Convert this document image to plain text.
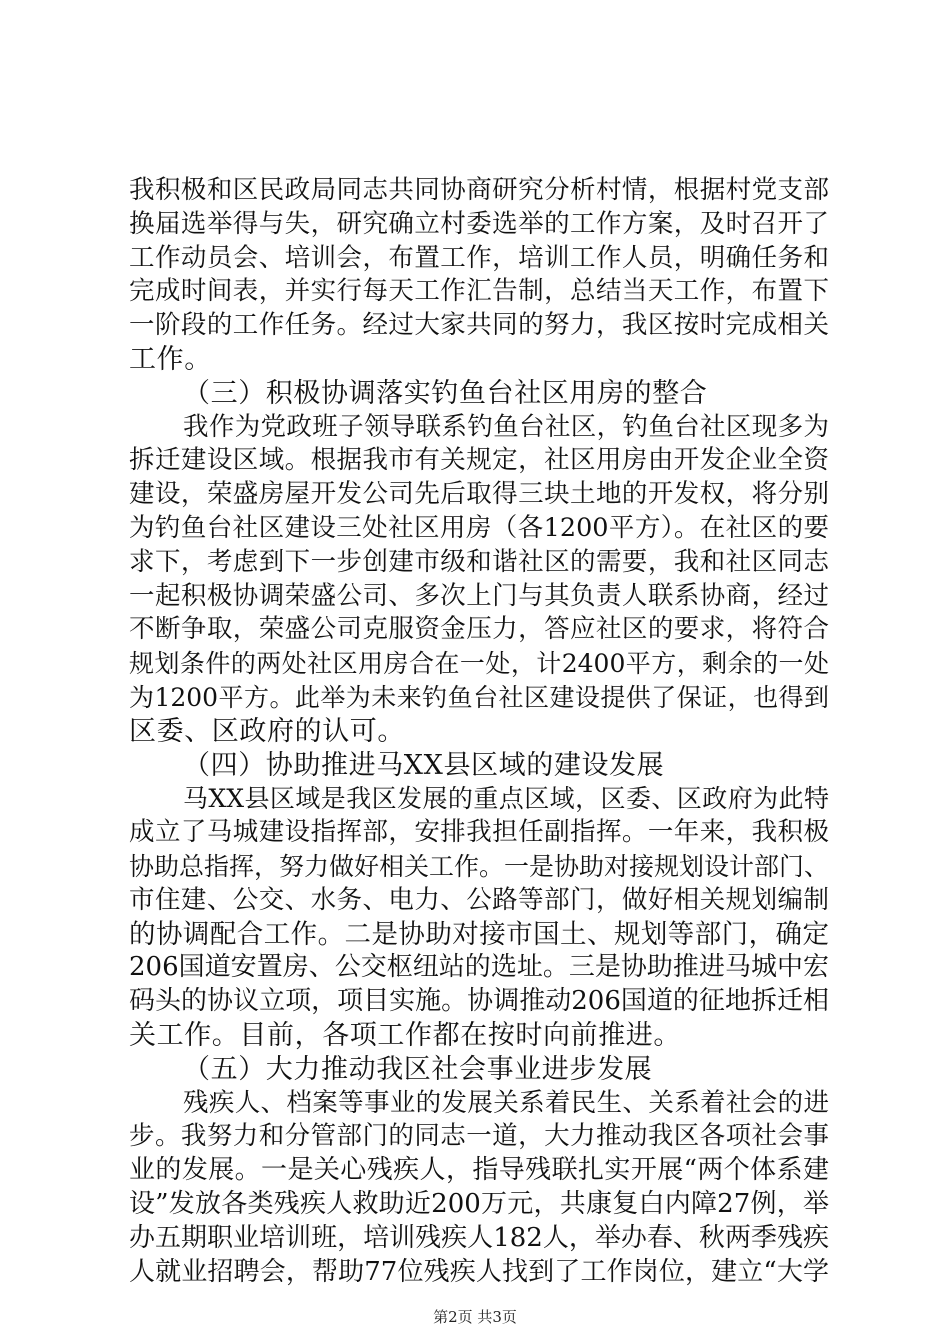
我积极和区民政局同志共同协商研究分析村情，根据村党支部
换届选举得与失，研究确立村委选举的工作方案，及时召开了
工作动员会、培训会，布置工作，培训工作人员，明确任务和
完成时间表，并实行每天工作汇告制，总结当天工作，布置下
一阶段的工作任务。经过大家共同的努力，我区按时完成相关
工作。
（三）积极协调落实钓鱼台社区用房的整合
我作为党政班子领导联系钓鱼台社区，钓鱼台社区现多为
拆迁建设区域。根据我市有关规定，社区用房由开发企业全资
建设，荣盛房屋开发公司先后取得三块土地的开发权，将分别
为钓鱼台社区建设三处社区用房（各1200平方）。在社区的要
求下，考虑到下一步创建市级和谐社区的需要，我和社区同志
一起积极协调荣盛公司、多次上门与其负责人联系协商，经过
不断争取，荣盛公司克服资金压力，答应社区的要求，将符合
规划条件的两处社区用房合在一处，计2400平方，剩余的一处
为1200平方。此举为未来钓鱼台社区建设提供了保证，也得到
区委、区政府的认可。
（四）协助推进马XX县区域的建设发展
马XX县区域是我区发展的重点区域，区委、区政府为此特
成立了马城建设指挥部，安排我担任副指挥。一年来，我积极
协助总指挥，努力做好相关工作。一是协助对接规划设计部门、
市住建、公交、水务、电力、公路等部门，做好相关规划编制
的协调配合工作。二是协助对接市国土、规划等部门，确定
206国道安置房、公交枢纽站的选址。三是协助推进马城中宏
码头的协议立项，项目实施。协调推动206国道的征地拆迁相
关工作。目前，各项工作都在按时向前推进。
（五）大力推动我区社会事业进步发展
残疾人、档案等事业的发展关系着民生、关系着社会的进
步。我努力和分管部门的同志一道，大力推动我区各项社会事
业的发展。一是关心残疾人，指导残联扎实开展“两个体系建
设”发放各类残疾人救助近200万元，共康复白内障27例，举
办五期职业培训班，培训残疾人182人，举办春、秋两季残疾
人就业招聘会，帮助77位残疾人找到了工作岗位，建立“大学
第2页 共3页
